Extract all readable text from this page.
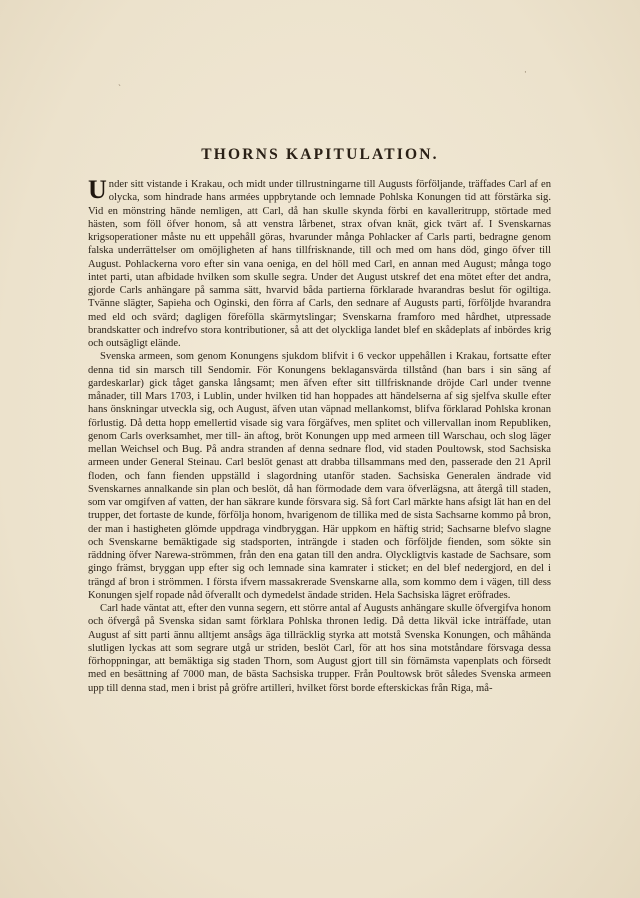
ˎ
·
THORNS KAPITULATION.

Under sitt vistande i Krakau, och midt under tillrustningarne till Augusts förföljande, träffades Carl af en olycka, som hindrade hans armées uppbrytande och lemnade Pohlska Konungen tid att förstärka sig. Vid en mönstring hände nemligen, att Carl, då han skulle skynda förbi en kavalleritrupp, störtade med hästen, som föll öfver honom, så att venstra lårbenet, strax ofvan knät, gick tvärt af. I Svenskarnas krigsoperationer måste nu ett uppehåll göras, hvarunder många Pohlacker af Carls parti, bedragne genom falska underrättelser om omöjligheten af hans tillfrisknande, till och med om hans död, gingo öfver till August. Pohlackerna voro efter sin vana oeniga, en del höll med Carl, en annan med August; många togo intet parti, utan afbidade hvilken som skulle segra. Under det August utskref det ena mötet efter det andra, gjorde Carls anhängare på samma sätt, hvarvid båda partierna förklarade hvarandras beslut för ogiltiga. Tvänne slägter, Sapieha och Oginski, den förra af Carls, den sednare af Augusts parti, förföljde hvarandra med eld och svärd; dagligen förefölla skärmytslingar; Svenskarna framforo med hårdhet, utpressade brandskatter och indrefvo stora kontributioner, så att det olyckliga landet blef en skådeplats af inbördes krig och outsägligt elände.

Svenska armeen, som genom Konungens sjukdom blifvit i 6 veckor uppehållen i Krakau, fortsatte efter denna tid sin marsch till Sendomir. För Konungens beklagansvärda tillstånd (han bars i sin säng af gardeskarlar) gick tåget ganska långsamt; men äfven efter sitt tillfrisknande dröjde Carl under tvenne månader, till Mars 1703, i Lublin, under hvilken tid han hoppades att händelserna af sig sjelfva skulle efter hans önskningar utveckla sig, och August, äfven utan väpnad mellankomst, blifva förklarad Pohlska kronan förlustig. Då detta hopp emellertid visade sig vara förgäfves, men splitet och villervallan inom Republiken, genom Carls overksamhet, mer till- än aftog, bröt Konungen upp med armeen till Warschau, och slog läger mellan Weichsel och Bug. På andra stranden af denna sednare flod, vid staden Poultowsk, stod Sachsiska armeen under General Steinau. Carl beslöt genast att drabba tillsammans med den, passerade den 21 April floden, och fann fienden uppställd i slagordning utanför staden. Sachsiska Generalen ändrade vid Svenskarnes annalkande sin plan och beslöt, då han förmodade dem vara öfverlägsna, att återgå till staden, som var omgifven af vatten, der han säkrare kunde försvara sig. Så fort Carl märkte hans afsigt lät han en del trupper, det fortaste de kunde, förfölja honom, hvarigenom de tillika med de sista Sachsarne kommo på bron, der man i hastigheten glömde uppdraga vindbryggan. Här uppkom en häftig strid; Sachsarne blefvo slagne och Svenskarne bemäktigade sig stadsporten, inträngde i staden och förföljde fienden, som sökte sin räddning öfver Narewa-strömmen, från den ena gatan till den andra. Olyckligtvis kastade de Sachsare, som gingo främst, bryggan upp efter sig och lemnade sina kamrater i sticket; en del blef nedergjord, en del i trängd af bron i strömmen. I första ifvern massakrerade Svenskarne alla, som kommo dem i vägen, till dess Konungen sjelf ropade nåd öfverallt och dymedelst ändade striden. Hela Sachsiska lägret eröfrades.

Carl hade väntat att, efter den vunna segern, ett större antal af Augusts anhängare skulle öfvergifva honom och öfvergå på Svenska sidan samt förklara Pohlska thronen ledig. Då detta likväl icke inträffade, utan August af sitt parti ännu alltjemt ansågs äga tillräcklig styrka att motstå Svenska Konungen, och måhända slutligen lyckas att som segrare utgå ur striden, beslöt Carl, för att hos sina motståndare försvaga dessa förhoppningar, att bemäktiga sig staden Thorn, som August gjort till sin förnämsta vapenplats och försedt med en besättning af 7000 man, de bästa Sachsiska trupper. Från Poultowsk bröt således Svenska armeen upp till denna stad, men i brist på gröfre artilleri, hvilket först borde efterskickas från Riga, må-
